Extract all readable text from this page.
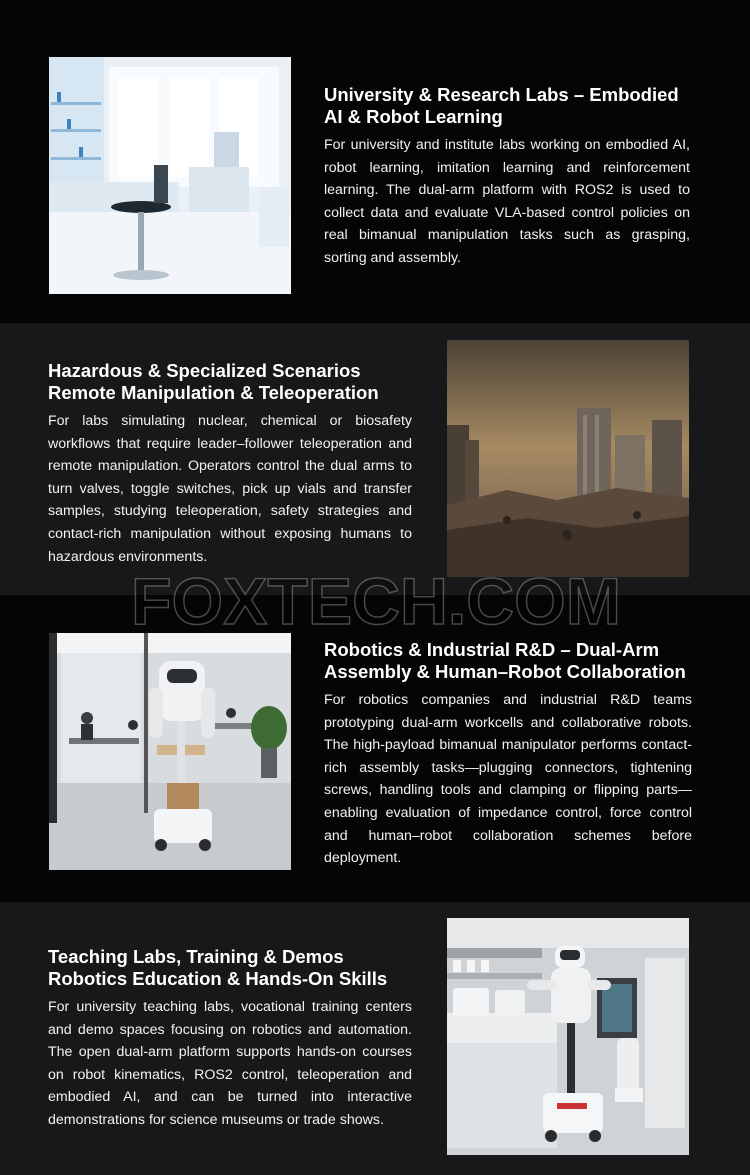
University & Research Labs – Embodied
AI & Robot Learning

For university and institute labs working on embodied AI, robot learning, imitation learning and reinforcement learning. The dual-arm platform with ROS2 is used to collect data and evaluate VLA-based control policies on real bimanual manipulation tasks such as grasping, sorting and assembly.

Hazardous & Specialized Scenarios
Remote Manipulation & Teleoperation

For labs simulating nuclear, chemical or biosafety workflows that require leader–follower teleoperation and remote manipulation. Operators control the dual arms to turn valves, toggle switches, pick up vials and transfer samples, studying teleoperation, safety strategies and contact-rich manipulation without exposing humans to hazardous environments.

Robotics & Industrial R&D – Dual-Arm
Assembly & Human–Robot Collaboration

For robotics companies and industrial R&D teams prototyping dual-arm workcells and collaborative robots. The high-payload bimanual manipulator performs contact-rich assembly tasks—plugging connectors, tightening screws, handling tools and clamping or flipping parts—enabling evaluation of impedance control, force control and human–robot collaboration schemes before deployment.

Teaching Labs, Training & Demos
Robotics Education & Hands-On Skills

For university teaching labs, vocational training centers and demo spaces focusing on robotics and automation. The open dual-arm platform supports hands-on courses on robot kinematics, ROS2 control, teleoperation and embodied AI, and can be turned into interactive demonstrations for science museums or trade shows.

FOXTECH.COM
